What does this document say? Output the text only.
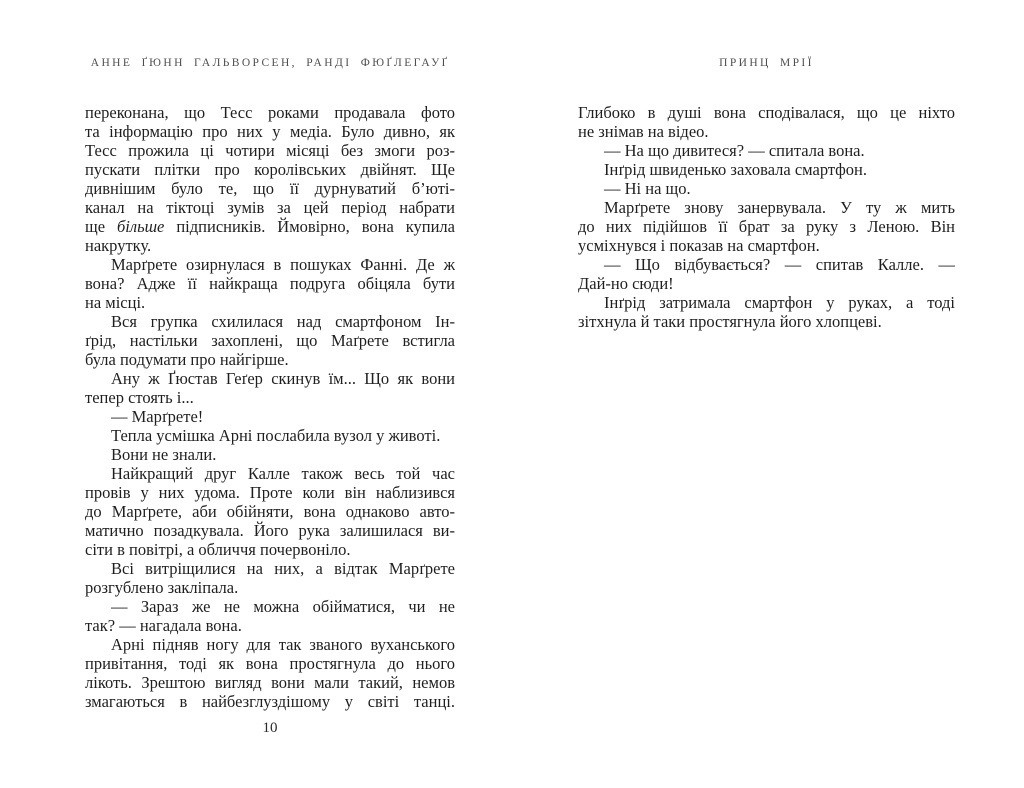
АННЕ ҐЮНН ГАЛЬВОРСЕН, РАНДІ ФЮҐЛЕГАУҐ	ПРИНЦ МРІЇ
переконана, що Тесс роками продавала фото
та інформацію про них у медіа. Було дивно, як
Тесс прожила ці чотири місяці без змоги роз-
пускати плітки про королівських двійнят. Ще
дивнішим було те, що її дурнуватий б’юті-
канал на тіктоці зумів за цей період набрати
ще більше підписників. Ймовірно, вона купила
накрутку.
Марґрете озирнулася в пошуках Фанні. Де ж
вона? Адже її найкраща подруга обіцяла бути
на місці.
Вся групка схилилася над смартфоном Ін-
ґрід, настільки захоплені, що Маґрете встигла
була подумати про найгірше.
Ану ж Ґюстав Геґер скинув їм... Що як вони
тепер стоять і...
— Марґрете!
Тепла усмішка Арні послабила вузол у животі.
Вони не знали.
Найкращий друг Калле також весь той час
провів у них удома. Проте коли він наблизився
до Марґрете, аби обійняти, вона однаково авто-
матично позадкувала. Його рука залишилася ви-
сіти в повітрі, а обличчя почервоніло.
Всі витріщилися на них, а відтак Марґрете
розгублено закліпала.
— Зараз же не можна обійматися, чи не
так? — нагадала вона.
Арні підняв ногу для так званого вуханського
привітання, тоді як вона простягнула до нього
лікоть. Зрештою вигляд вони мали такий, немов
змагаються в найбезглуздішому у світі танці.
Глибоко в душі вона сподівалася, що це ніхто
не знімав на відео.
— На що дивитеся? — спитала вона.
Інґрід швиденько заховала смартфон.
— Ні на що.
Марґрете знову занервувала. У ту ж мить
до них підійшов її брат за руку з Леною. Він
усміхнувся і показав на смартфон.
— Що відбувається? — спитав Калле. —
Дай-но сюди!
Інґрід затримала смартфон у руках, а тоді
зітхнула й таки простягнула його хлопцеві.
10
